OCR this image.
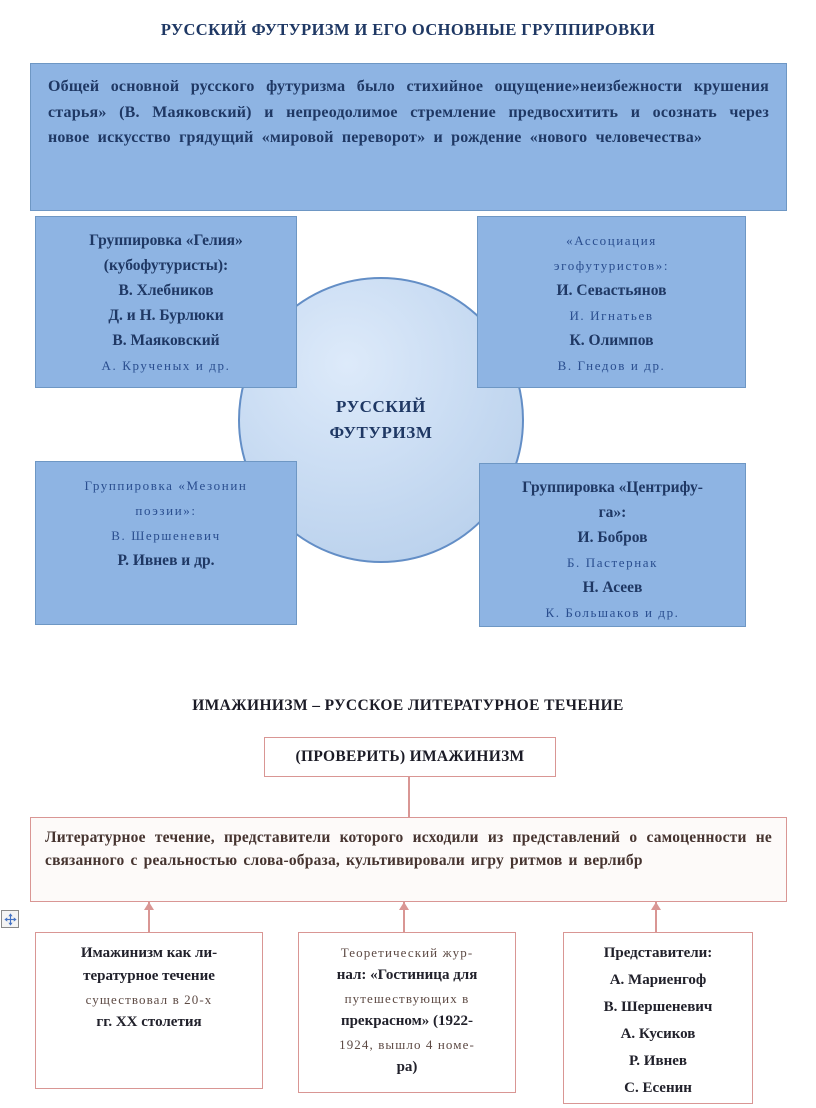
РУССКИЙ ФУТУРИЗМ И ЕГО ОСНОВНЫЕ ГРУППИРОВКИ
Общей основной русского футуризма было стихийное ощущение»неизбежности крушения старья» (В. Маяковский) и непреодолимое стремление предвосхитить и осознать через новое искусство грядущий «мировой переворот» и рождение «нового человечества»
РУССКИЙ
ФУТУРИЗМ
Группировка «Гелия»
(кубофутуристы):
В. Хлебников
Д. и Н. Бурлюки
В. Маяковский
А. Крученых и др.
«Ассоциация
эгофутуристов»:
И. Севастьянов
И. Игнатьев
К. Олимпов
В. Гнедов и др.
Группировка «Мезонин
поэзии»:
В. Шершеневич
Р. Ивнев и др.
Группировка «Центрифу-
га»:
И. Бобров
Б. Пастернак
Н. Асеев
К. Большаков и др.
ИМАЖИНИЗМ – РУССКОЕ ЛИТЕРАТУРНОЕ ТЕЧЕНИЕ
(ПРОВЕРИТЬ) ИМАЖИНИЗМ
Литературное течение, представители которого исходили из представлений о самоценности не связанного с реальностью слова-образа, культивировали игру ритмов и верлибр
Имажинизм как ли-
тературное течение
существовал в 20-х
гг. ХХ столетия
Теоретический жур-
нал: «Гостиница для
путешествующих в
прекрасном» (1922-
1924, вышло 4 номе-
ра)
Представители:
А. Мариенгоф
В. Шершеневич
А. Кусиков
Р. Ивнев
С. Есенин
